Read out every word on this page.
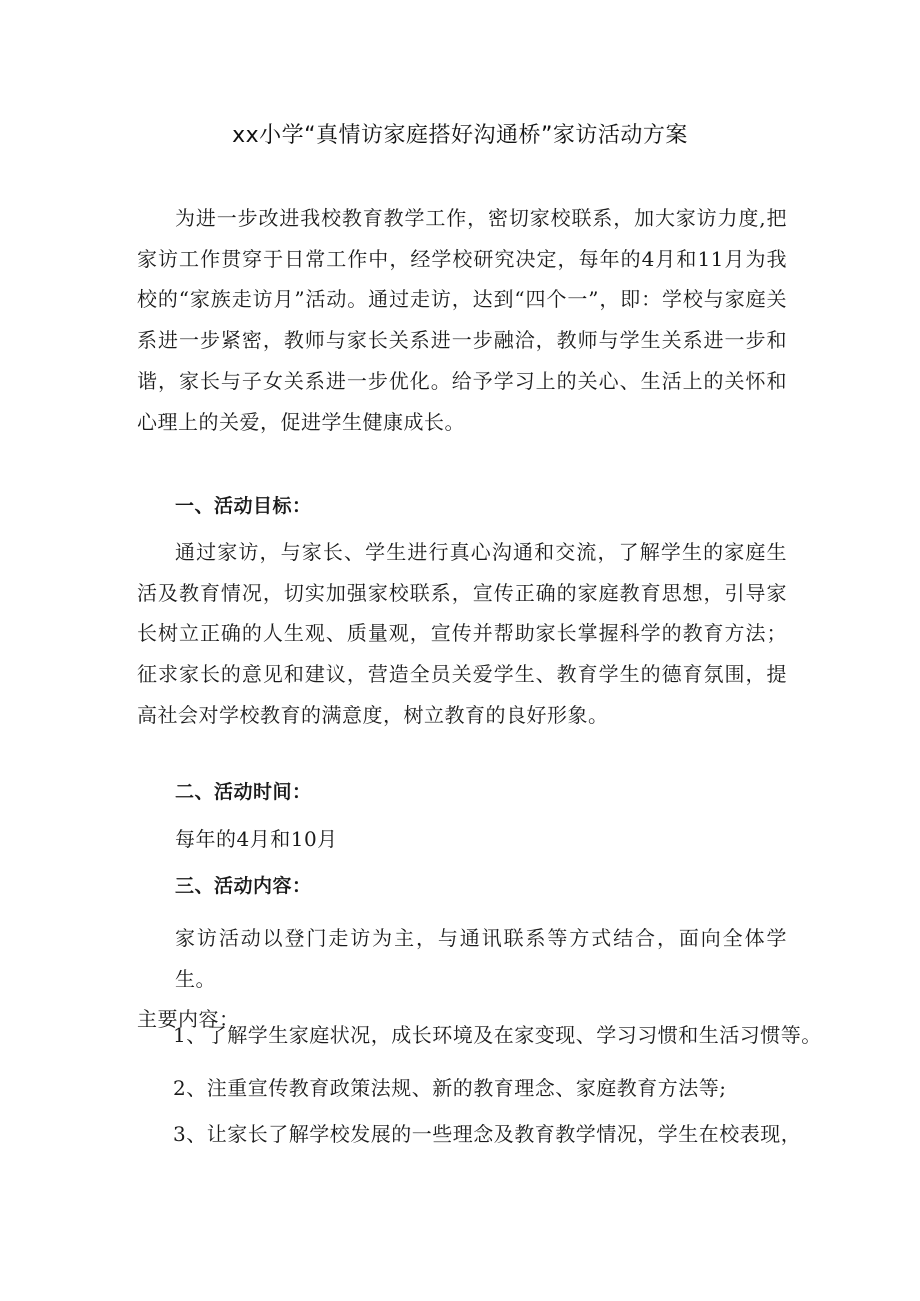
xx小学“真情访家庭搭好沟通桥”家访活动方案

为进一步改进我校教育教学工作，密切家校联系，加大家访力度,把家访工作贯穿于日常工作中，经学校研究决定，每年的4月和11月为我校的“家族走访月”活动。通过走访，达到“四个一”，即：学校与家庭关系进一步紧密，教师与家长关系进一步融洽，教师与学生关系进一步和谐，家长与子女关系进一步优化。给予学习上的关心、生活上的关怀和心理上的关爱，促进学生健康成长。

一、活动目标：

通过家访，与家长、学生进行真心沟通和交流，了解学生的家庭生活及教育情况，切实加强家校联系，宣传正确的家庭教育思想，引导家长树立正确的人生观、质量观，宣传并帮助家长掌握科学的教育方法；征求家长的意见和建议，营造全员关爱学生、教育学生的德育氛围，提高社会对学校教育的满意度，树立教育的良好形象。

二、活动时间：

每年的4月和10月

三、活动内容：

家访活动以登门走访为主，与通讯联系等方式结合，面向全体学生。

主要内容：

1、了解学生家庭状况，成长环境及在家变现、学习习惯和生活习惯等。

2、注重宣传教育政策法规、新的教育理念、家庭教育方法等;

3、让家长了解学校发展的一些理念及教育教学情况，学生在校表现，
